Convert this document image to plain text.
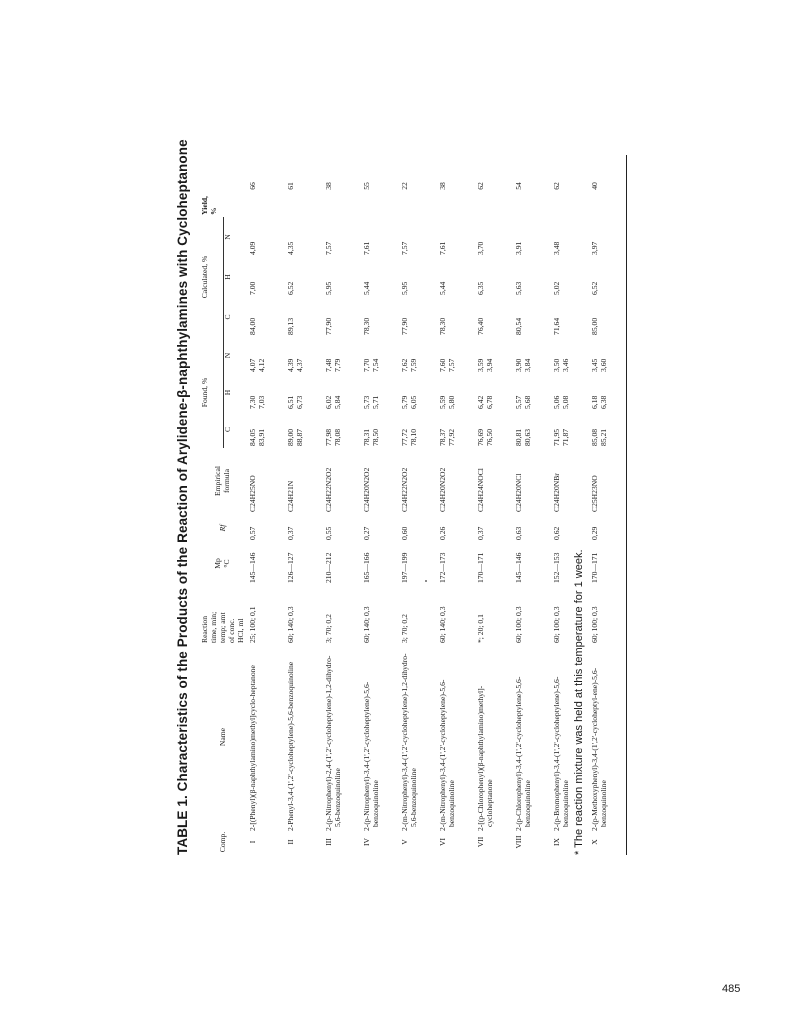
TABLE 1. Characteristics of the Products of the Reaction of Arylidene-β-naphthylamines with Cycloheptanone	Comp.	Name	Reaction time, min; temp; amt of conc. HCl, ml	Mp °C	Rf	Empirical formula	Found, %			Calculated, %			Yield, %

						C	H	N	C	H	N	
I	2-[(Phenyl)(β-naphthylamino)methyl]cyclo-heptanone	25; 100; 0,1	145—146	0,57	C24H25NO	84,05 83,91	7,30 7,03	4,07 4,12	84,00	7,00	4,09	66
II	2-Phenyl-3,4-(1',2'-cycloheptylene)-5,6-benzoquinoline	60; 140; 0,3	126—127	0,37	C24H21N	89,00 88,87	6,51 6,73	4,39 4,37	89,13	6,52	4,35	61
III	2-(p-Nitrophenyl)-2,4-(1',2'-cycloheptylene)-1,2-dihydro-5,6-benzoquinoline	3; 70; 0,2	210—212	0,55	C24H22N2O2	77,98 78,08	6,02 5,84	7,48 7,79	77,90	5,95	7,57	38
IV	2-(p-Nitrophenyl)-3,4-(1',2'-cycloheptylene)-5,6-benzoquinoline	60; 140; 0,3	165—166	0,27	C24H20N2O2	78,31 78,50	5,73 5,71	7,70 7,54	78,30	5,44	7,61	55
V	2-(m-Nitrophenyl)-3,4-(1',2'-cycloheptylene)-1,2-dihydro-5,6-benzoquinoline	3; 70; 0,2	197—199	0,60	C24H22N2O2	77,72 78,10	5,79 6,05	7,62 7,59	77,90	5,95	7,57	22
VI	2-(m-Nitrophenyl)-3,4-(1',2'-cycloheptylene)-5,6-benzoquinoline	60; 140; 0,3	172—173	0,26	C24H20N2O2	78,37 77,92	5,59 5,80	7,60 7,57	78,30	5,44	7,61	38
VII	2-[(p-Chlorophenyl)(β-naphthylamino)methyl]-cycloheptanone	*; 20; 0,1	170—171	0,37	C24H24NOCl	76,69 76,50	6,42 6,78	3,59 3,94	76,40	6,35	3,70	62
VIII	2-(p-Chlorophenyl)-3,4-(1',2'-cycloheptylene)-5,6-benzoquinoline	60; 100; 0,3	145—146	0,63	C24H20NCl	80,81 80,63	5,57 5,68	3,90 3,84	80,54	5,63	3,91	54
IX	2-(p-Bromophenyl)-3,4-(1',2'-cycloheptylene)-5,6-benzoquinoline	60; 100; 0,3	152—153	0,62	C24H20NBr	71,95 71,87	5,06 5,08	3,50 3,46	71,64	5,02	3,48	62
X	2-(p-Methoxyphenyl)-3,4-(1',2'-cycloheptyl-ene)-5,6-benzoquinoline	60; 100; 0,3	170—171	0,29	C25H23NO	85,08 85,21	6,18 6,38	3,45 3,60	85,00	6,52	3,97	40
* The reaction mixture was held at this temperature for 1 week.
485
